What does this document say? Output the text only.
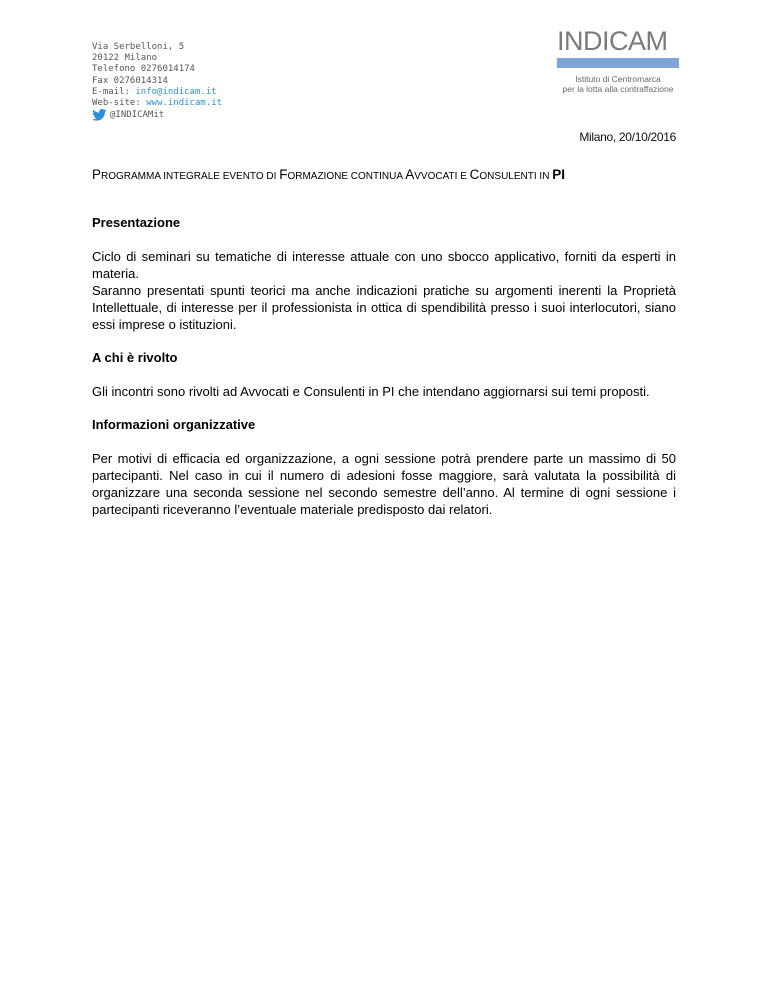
Via Serbelloni, 5
20122 Milano
Telefono 0276014174
Fax 0276014314
E-mail: info@indicam.it
Web-site: www.indicam.it
@INDICAMit
INDICAM
Istituto di Centromarca
per la lotta alla contraffazione
Milano, 20/10/2016
PROGRAMMA INTEGRALE EVENTO DI FORMAZIONE CONTINUA AVVOCATI E CONSULENTI IN PI
Presentazione

Ciclo di seminari su tematiche di interesse attuale con uno sbocco applicativo, forniti da esperti in materia.

Saranno presentati spunti teorici ma anche indicazioni pratiche su argomenti inerenti la Proprietà Intellettuale, di interesse per il professionista in ottica di spendibilità presso i suoi interlocutori, siano essi imprese o istituzioni.

A chi è rivolto

Gli incontri sono rivolti ad Avvocati e Consulenti in PI che intendano aggiornarsi sui temi proposti.

Informazioni organizzative

Per motivi di efficacia ed organizzazione, a ogni sessione potrà prendere parte un massimo di 50 partecipanti. Nel caso in cui il numero di adesioni fosse maggiore, sarà valutata la possibilità di organizzare una seconda sessione nel secondo semestre dell’anno. Al termine di ogni sessione i partecipanti riceveranno l’eventuale materiale predisposto dai relatori.
